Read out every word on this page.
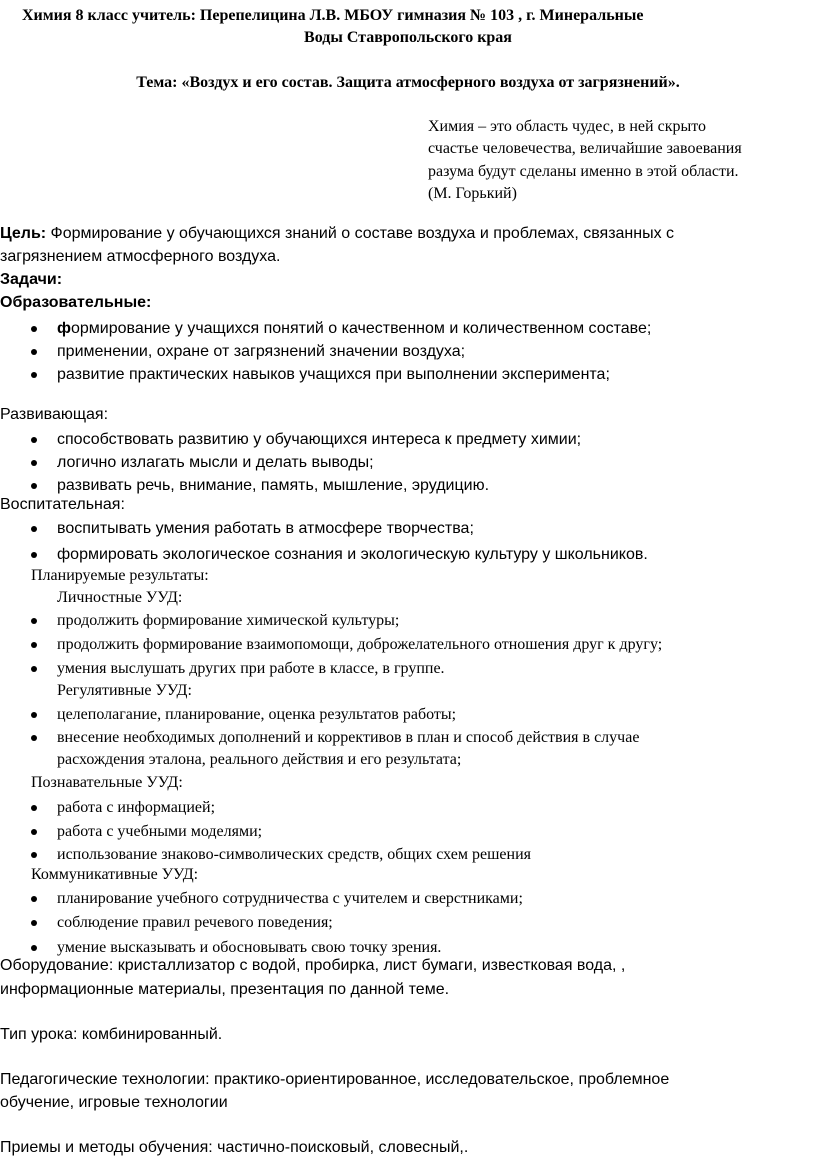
Химия 8 класс учитель: Перепелицина Л.В. МБОУ гимназия № 103 , г. Минеральные
Воды Ставропольского края
Тема: «Воздух и его состав. Защита атмосферного воздуха от загрязнений».
Химия – это область чудес, в ней скрыто
счастье человечества, величайшие завоевания
разума будут сделаны именно в этой области.
(М. Горький)
Цель: Формирование у обучающихся знаний о составе воздуха и проблемах, связанных с
загрязнением атмосферного воздуха.
Задачи:
Образовательные:
формирование у учащихся понятий о качественном и количественном составе;
применении, охране от загрязнений значении воздуха;
развитие практических навыков учащихся при выполнении эксперимента;
Развивающая:
способствовать развитию у обучающихся интереса к предмету химии;
логично излагать мысли и делать выводы;
развивать речь, внимание, память, мышление, эрудицию.
Воспитательная:
воспитывать умения работать в атмосфере творчества;
формировать экологическое сознания и экологическую культуру у школьников.
Планируемые результаты:
Личностные УУД:
продолжить формирование химической культуры;
продолжить формирование взаимопомощи, доброжелательного отношения друг к другу;
умения выслушать других при работе в классе, в группе.
Регулятивные УУД:
целеполагание, планирование, оценка результатов работы;
внесение необходимых дополнений и коррективов в план и способ действия в случае
расхождения эталона, реального действия и его результата;
Познавательные УУД:
работа с информацией;
работа с учебными моделями;
использование знаково-символических средств, общих схем решения
Коммуникативные УУД:
планирование учебного сотрудничества с учителем и сверстниками;
соблюдение правил речевого поведения;
умение высказывать и обосновывать свою точку зрения.
Оборудование: кристаллизатор с водой, пробирка, лист бумаги, известковая вода, ,
информационные материалы, презентация по данной теме.
Тип урока: комбинированный.
Педагогические технологии: практико-ориентированное, исследовательское, проблемное
обучение, игровые технологии
Приемы и методы обучения: частично-поисковый, словесный,.
